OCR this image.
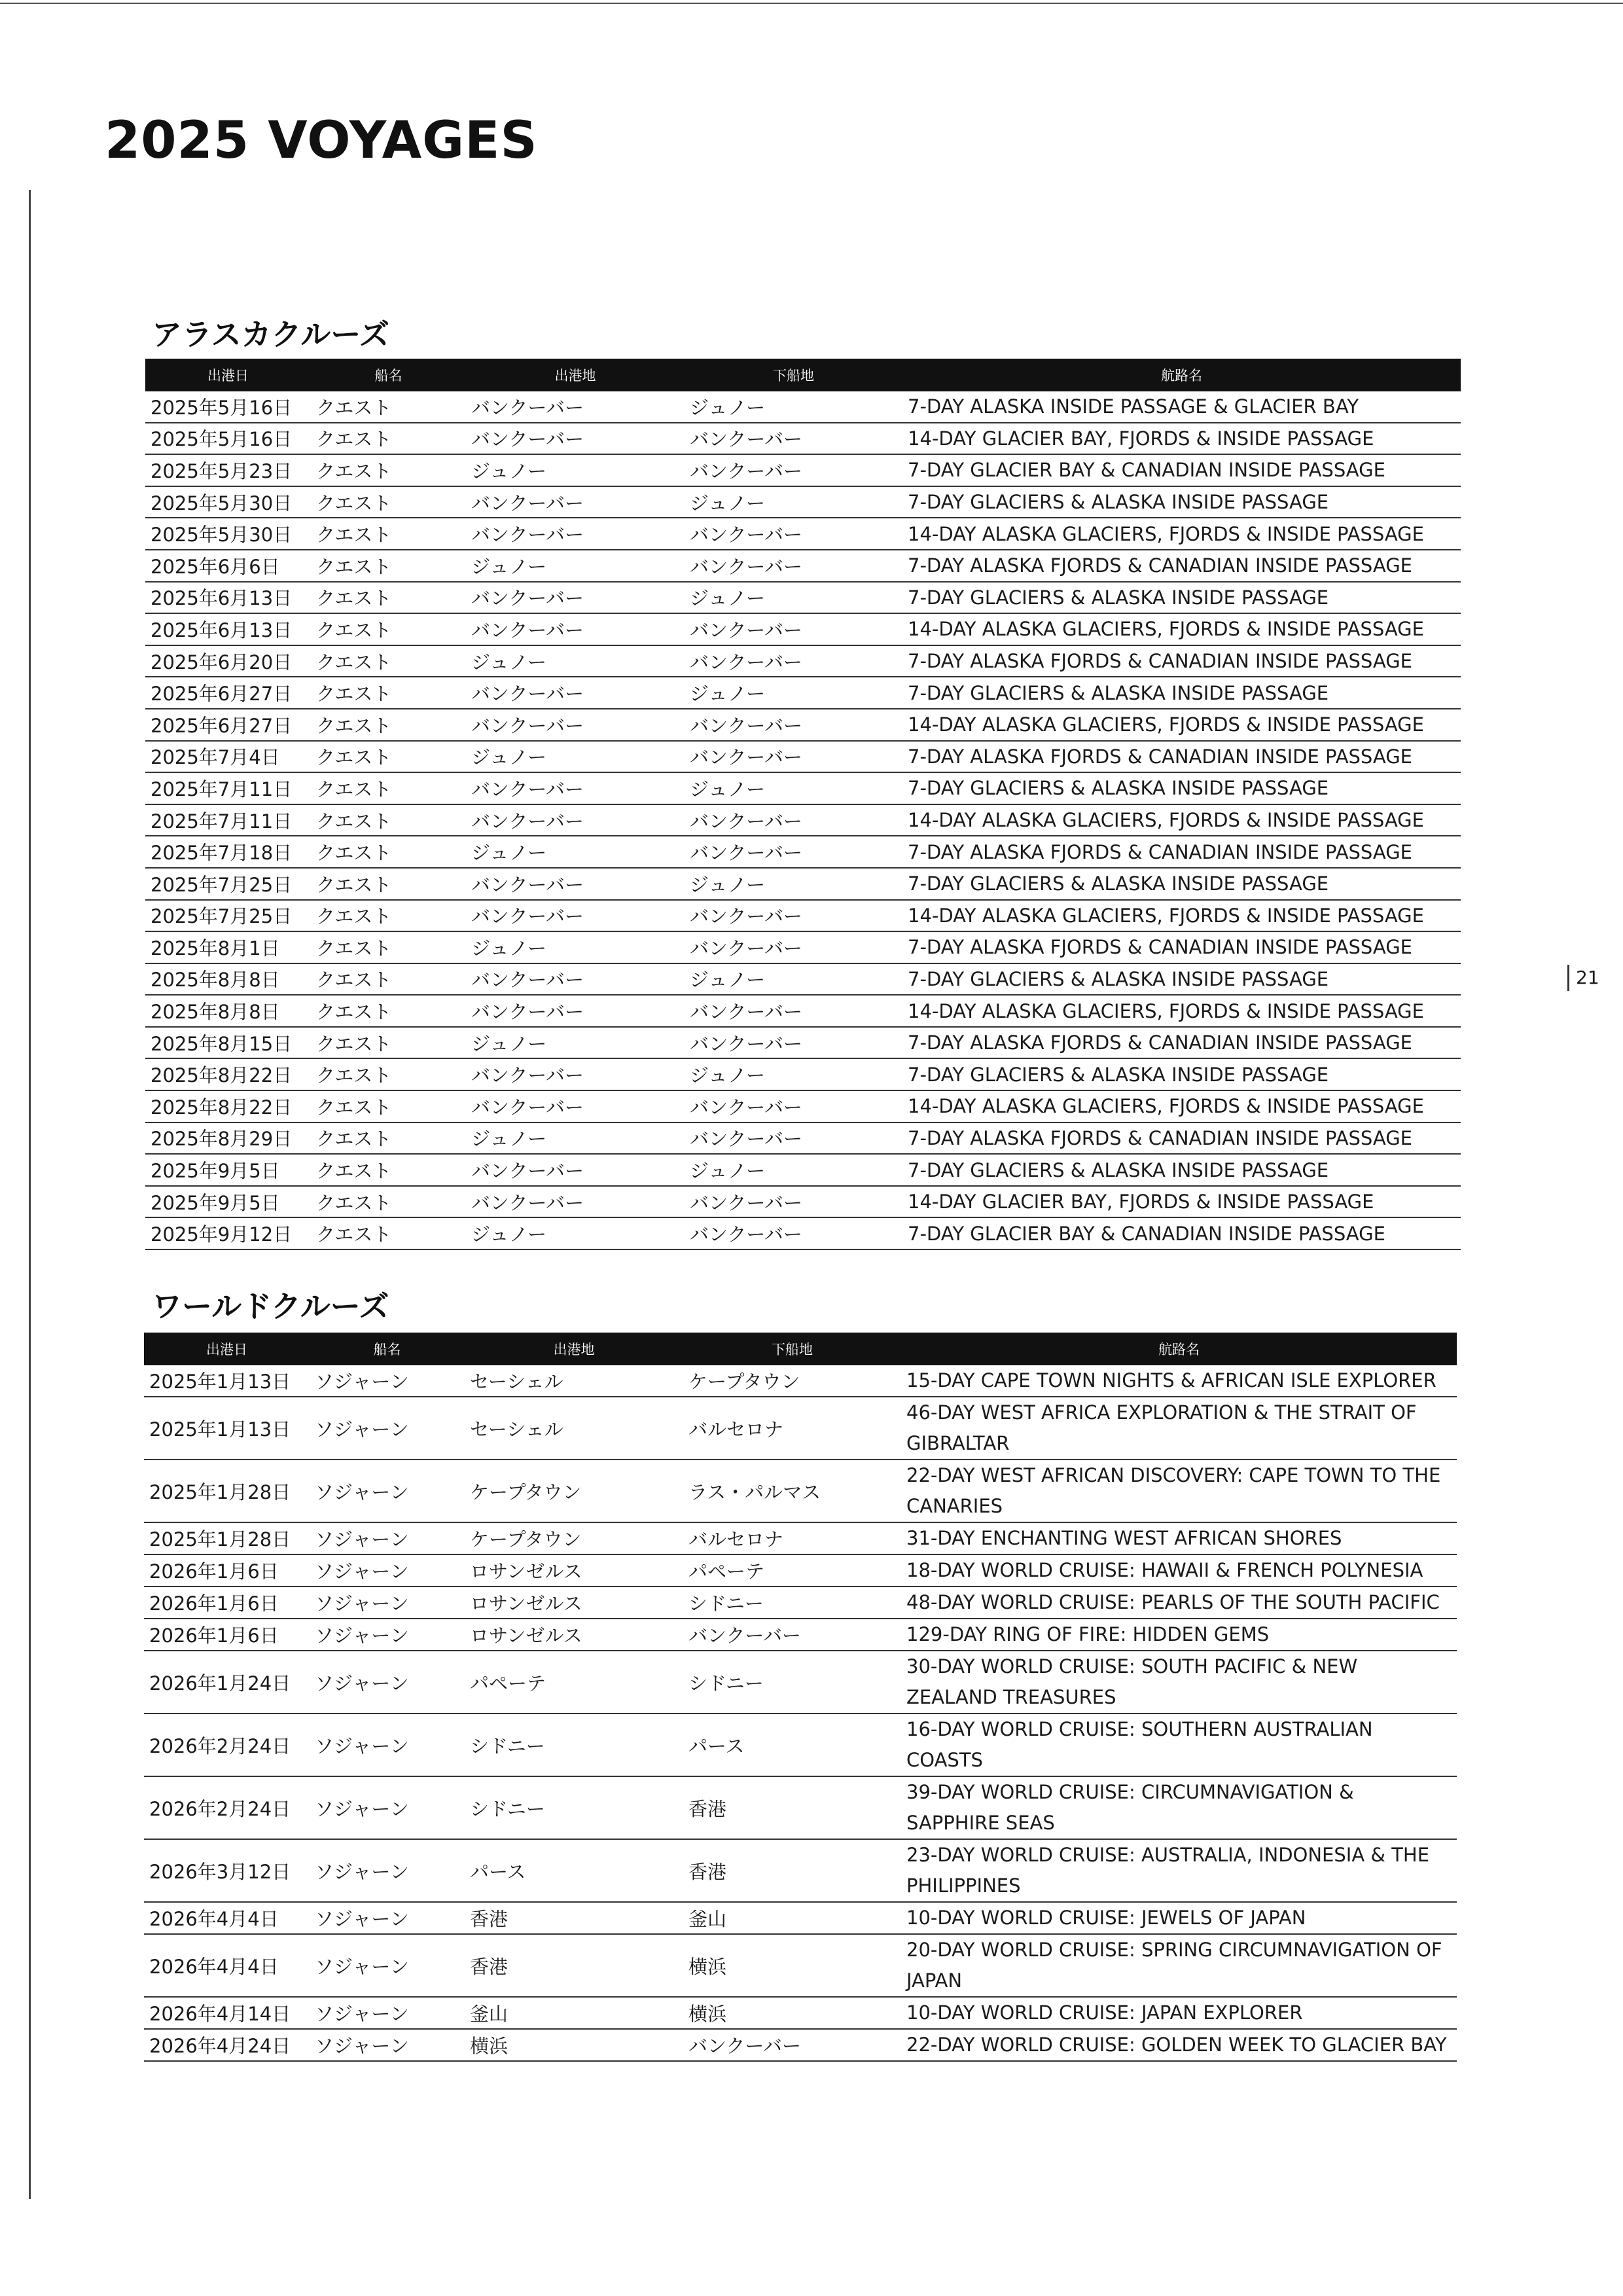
2025 VOYAGES
アラスカクルーズ
出港日	船名	出港地	下船地	航路名
2025年5月16日	クエスト	バンクーバー	ジュノー	7-DAY ALASKA INSIDE PASSAGE & GLACIER BAY
2025年5月16日	クエスト	バンクーバー	バンクーバー	14-DAY GLACIER BAY, FJORDS & INSIDE PASSAGE
2025年5月23日	クエスト	ジュノー	バンクーバー	7-DAY GLACIER BAY & CANADIAN INSIDE PASSAGE
2025年5月30日	クエスト	バンクーバー	ジュノー	7-DAY GLACIERS & ALASKA INSIDE PASSAGE
2025年5月30日	クエスト	バンクーバー	バンクーバー	14-DAY ALASKA GLACIERS, FJORDS & INSIDE PASSAGE
2025年6月6日	クエスト	ジュノー	バンクーバー	7-DAY ALASKA FJORDS & CANADIAN INSIDE PASSAGE
2025年6月13日	クエスト	バンクーバー	ジュノー	7-DAY GLACIERS & ALASKA INSIDE PASSAGE
2025年6月13日	クエスト	バンクーバー	バンクーバー	14-DAY ALASKA GLACIERS, FJORDS & INSIDE PASSAGE
2025年6月20日	クエスト	ジュノー	バンクーバー	7-DAY ALASKA FJORDS & CANADIAN INSIDE PASSAGE
2025年6月27日	クエスト	バンクーバー	ジュノー	7-DAY GLACIERS & ALASKA INSIDE PASSAGE
2025年6月27日	クエスト	バンクーバー	バンクーバー	14-DAY ALASKA GLACIERS, FJORDS & INSIDE PASSAGE
2025年7月4日	クエスト	ジュノー	バンクーバー	7-DAY ALASKA FJORDS & CANADIAN INSIDE PASSAGE
2025年7月11日	クエスト	バンクーバー	ジュノー	7-DAY GLACIERS & ALASKA INSIDE PASSAGE
2025年7月11日	クエスト	バンクーバー	バンクーバー	14-DAY ALASKA GLACIERS, FJORDS & INSIDE PASSAGE
2025年7月18日	クエスト	ジュノー	バンクーバー	7-DAY ALASKA FJORDS & CANADIAN INSIDE PASSAGE
2025年7月25日	クエスト	バンクーバー	ジュノー	7-DAY GLACIERS & ALASKA INSIDE PASSAGE
2025年7月25日	クエスト	バンクーバー	バンクーバー	14-DAY ALASKA GLACIERS, FJORDS & INSIDE PASSAGE
2025年8月1日	クエスト	ジュノー	バンクーバー	7-DAY ALASKA FJORDS & CANADIAN INSIDE PASSAGE
2025年8月8日	クエスト	バンクーバー	ジュノー	7-DAY GLACIERS & ALASKA INSIDE PASSAGE
2025年8月8日	クエスト	バンクーバー	バンクーバー	14-DAY ALASKA GLACIERS, FJORDS & INSIDE PASSAGE
2025年8月15日	クエスト	ジュノー	バンクーバー	7-DAY ALASKA FJORDS & CANADIAN INSIDE PASSAGE
2025年8月22日	クエスト	バンクーバー	ジュノー	7-DAY GLACIERS & ALASKA INSIDE PASSAGE
2025年8月22日	クエスト	バンクーバー	バンクーバー	14-DAY ALASKA GLACIERS, FJORDS & INSIDE PASSAGE
2025年8月29日	クエスト	ジュノー	バンクーバー	7-DAY ALASKA FJORDS & CANADIAN INSIDE PASSAGE
2025年9月5日	クエスト	バンクーバー	ジュノー	7-DAY GLACIERS & ALASKA INSIDE PASSAGE
2025年9月5日	クエスト	バンクーバー	バンクーバー	14-DAY GLACIER BAY, FJORDS & INSIDE PASSAGE
2025年9月12日	クエスト	ジュノー	バンクーバー	7-DAY GLACIER BAY & CANADIAN INSIDE PASSAGE
ワールドクルーズ
出港日	船名	出港地	下船地	航路名
2025年1月13日	ソジャーン	セーシェル	ケープタウン	15-DAY CAPE TOWN NIGHTS & AFRICAN ISLE EXPLORER
2025年1月13日	ソジャーン	セーシェル	バルセロナ	46-DAY WEST AFRICA EXPLORATION & THE STRAIT OF GIBRALTAR
2025年1月28日	ソジャーン	ケープタウン	ラス・パルマス	22-DAY WEST AFRICAN DISCOVERY: CAPE TOWN TO THE CANARIES
2025年1月28日	ソジャーン	ケープタウン	バルセロナ	31-DAY ENCHANTING WEST AFRICAN SHORES
2026年1月6日	ソジャーン	ロサンゼルス	パペーテ	18-DAY WORLD CRUISE: HAWAII & FRENCH POLYNESIA
2026年1月6日	ソジャーン	ロサンゼルス	シドニー	48-DAY WORLD CRUISE: PEARLS OF THE SOUTH PACIFIC
2026年1月6日	ソジャーン	ロサンゼルス	バンクーバー	129-DAY RING OF FIRE: HIDDEN GEMS
2026年1月24日	ソジャーン	パペーテ	シドニー	30-DAY WORLD CRUISE: SOUTH PACIFIC & NEW ZEALAND TREASURES
2026年2月24日	ソジャーン	シドニー	パース	16-DAY WORLD CRUISE: SOUTHERN AUSTRALIAN COASTS
2026年2月24日	ソジャーン	シドニー	香港	39-DAY WORLD CRUISE: CIRCUMNAVIGATION & SAPPHIRE SEAS
2026年3月12日	ソジャーン	パース	香港	23-DAY WORLD CRUISE: AUSTRALIA, INDONESIA & THE PHILIPPINES
2026年4月4日	ソジャーン	香港	釜山	10-DAY WORLD CRUISE: JEWELS OF JAPAN
2026年4月4日	ソジャーン	香港	横浜	20-DAY WORLD CRUISE: SPRING CIRCUMNAVIGATION OF JAPAN
2026年4月14日	ソジャーン	釜山	横浜	10-DAY WORLD CRUISE: JAPAN EXPLORER
2026年4月24日	ソジャーン	横浜	バンクーバー	22-DAY WORLD CRUISE: GOLDEN WEEK TO GLACIER BAY
21
